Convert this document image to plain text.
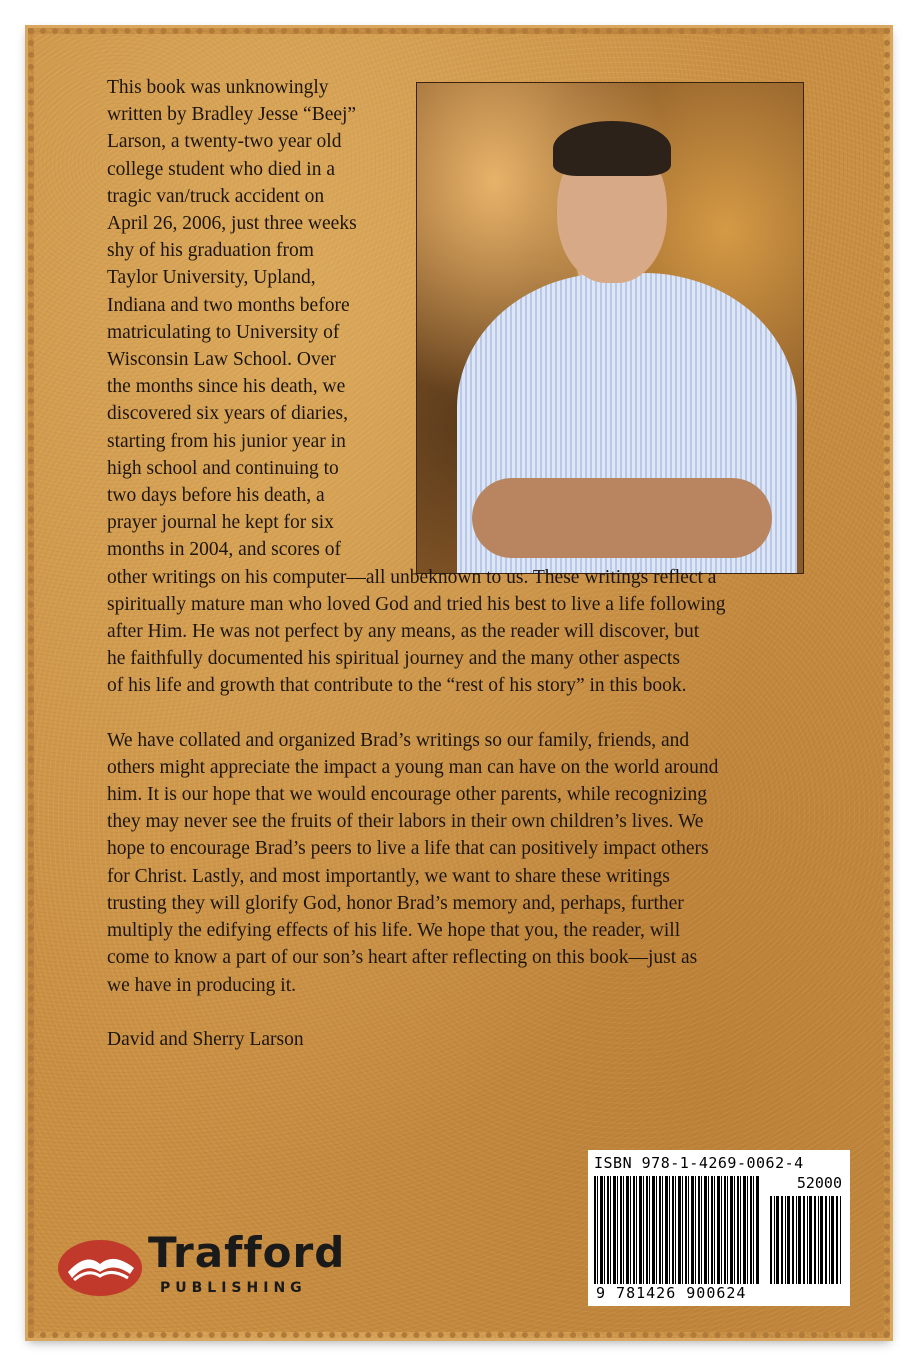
This book was unknowingly
written by Bradley Jesse “Beej”
Larson, a twenty-two year old
college student who died in a
tragic van/truck accident on
April 26, 2006, just three weeks
shy of his graduation from
Taylor University, Upland,
Indiana and two months before
matriculating to University of
Wisconsin Law School. Over
the months since his death, we
discovered six years of diaries,
starting from his junior year in
high school and continuing to
two days before his death, a
prayer journal he kept for six
months in 2004, and scores of
other writings on his computer—all unbeknown to us. These writings reflect a
spiritually mature man who loved God and tried his best to live a life following
after Him. He was not perfect by any means, as the reader will discover, but
he faithfully documented his spiritual journey and the many other aspects
of his life and growth that contribute to the “rest of his story” in this book.
We have collated and organized Brad’s writings so our family, friends, and
others might appreciate the impact a young man can have on the world around
him. It is our hope that we would encourage other parents, while recognizing
they may never see the fruits of their labors in their own children’s lives. We
hope to encourage Brad’s peers to live a life that can positively impact others
for Christ. Lastly, and most importantly, we want to share these writings
trusting they will glorify God, honor Brad’s memory and, perhaps, further
multiply the edifying effects of his life. We hope that you, the reader, will
come to know a part of our son’s heart after reflecting on this book—just as
we have in producing it.
David and Sherry Larson
ISBN 978-1-4269-0062-4
52000
9 781426 900624
Trafford
PUBLISHING
